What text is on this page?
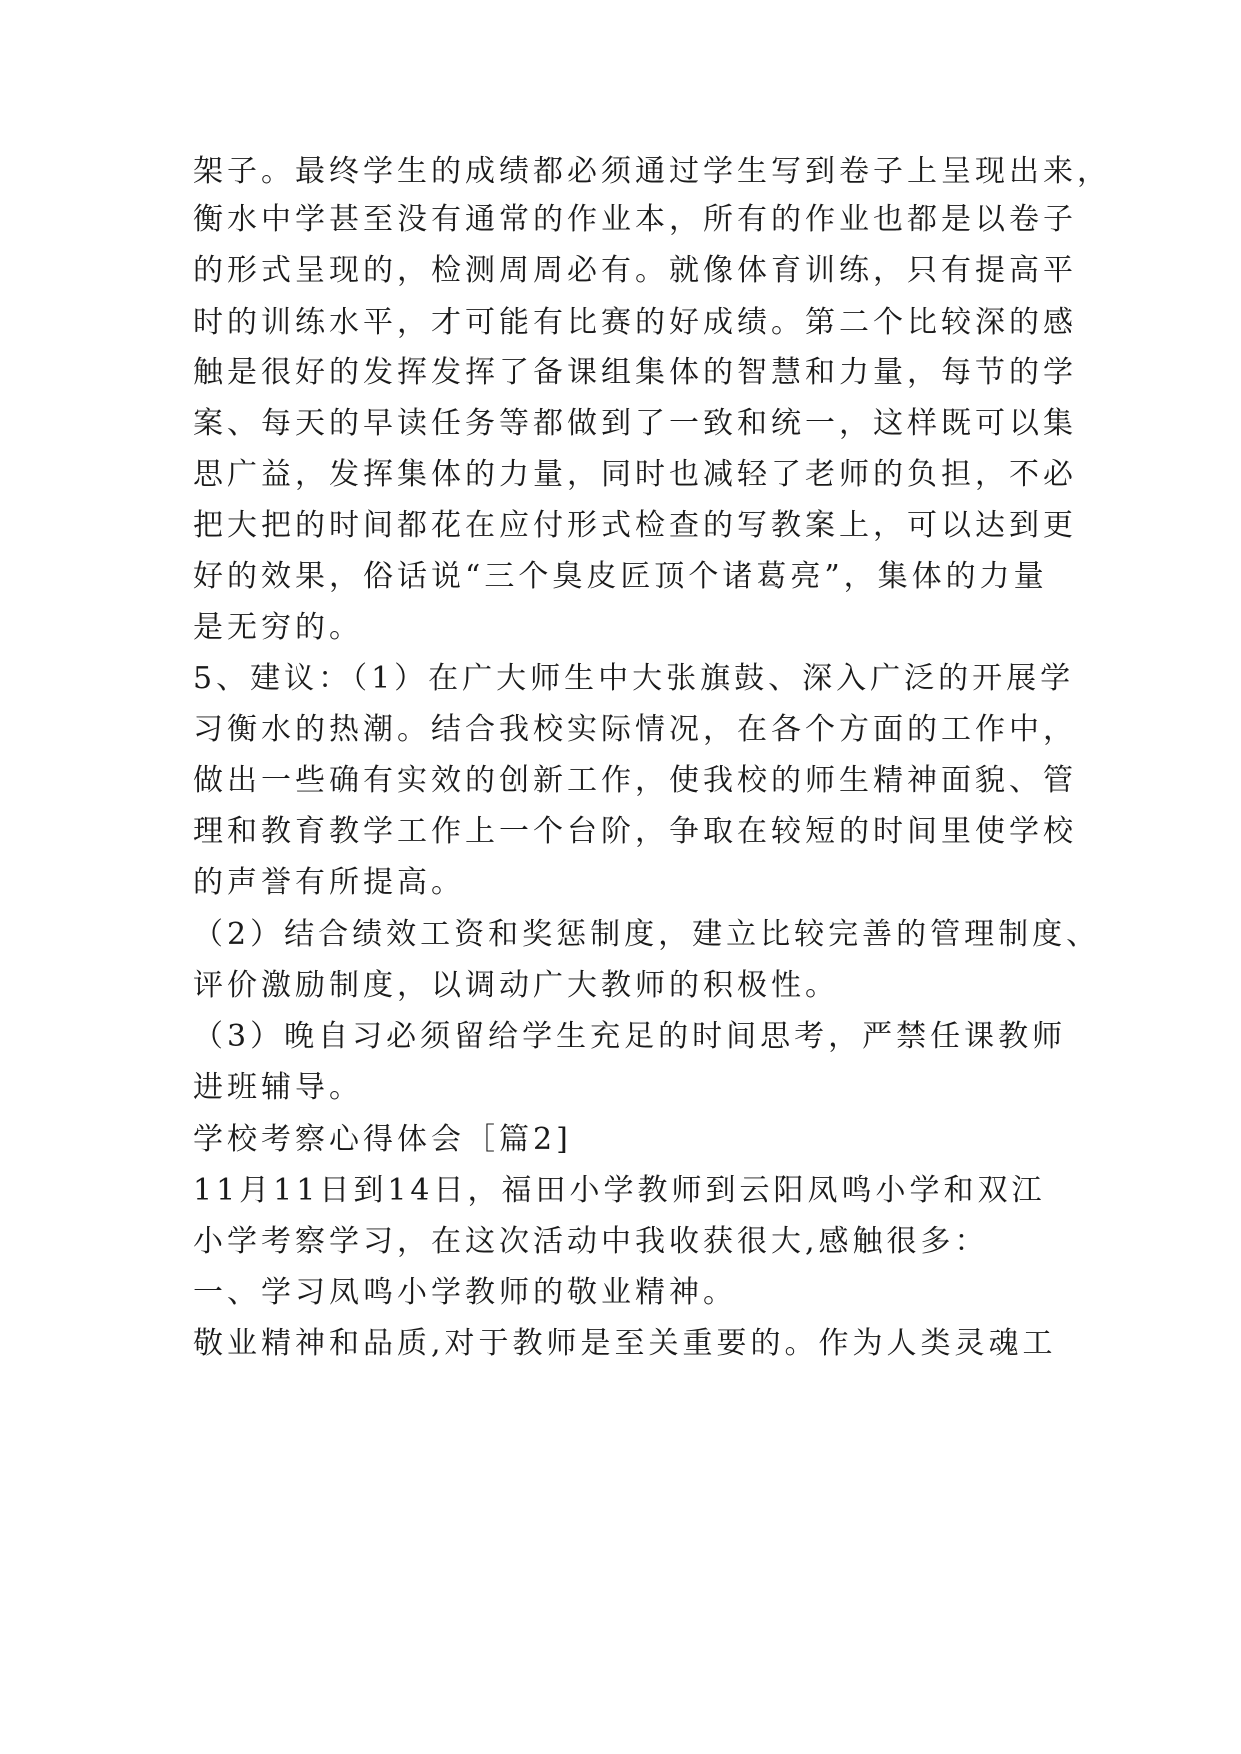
架子。最终学生的成绩都必须通过学生写到卷子上呈现出来，
衡水中学甚至没有通常的作业本，所有的作业也都是以卷子
的形式呈现的，检测周周必有。就像体育训练，只有提高平
时的训练水平，才可能有比赛的好成绩。第二个比较深的感
触是很好的发挥发挥了备课组集体的智慧和力量，每节的学
案、每天的早读任务等都做到了一致和统一，这样既可以集
思广益，发挥集体的力量，同时也减轻了老师的负担，不必
把大把的时间都花在应付形式检查的写教案上，可以达到更
好的效果，俗话说“三个臭皮匠顶个诸葛亮”，集体的力量
是无穷的。
5、建议：（1）在广大师生中大张旗鼓、深入广泛的开展学
习衡水的热潮。结合我校实际情况，在各个方面的工作中，
做出一些确有实效的创新工作，使我校的师生精神面貌、管
理和教育教学工作上一个台阶，争取在较短的时间里使学校
的声誉有所提高。
（2）结合绩效工资和奖惩制度，建立比较完善的管理制度、
评价激励制度，以调动广大教师的积极性。
（3）晚自习必须留给学生充足的时间思考，严禁任课教师
进班辅导。
学校考察心得体会［篇2]
11月11日到14日，福田小学教师到云阳凤鸣小学和双江
小学考察学习，在这次活动中我收获很大,感触很多：
一、学习凤鸣小学教师的敬业精神。
敬业精神和品质,对于教师是至关重要的。作为人类灵魂工
